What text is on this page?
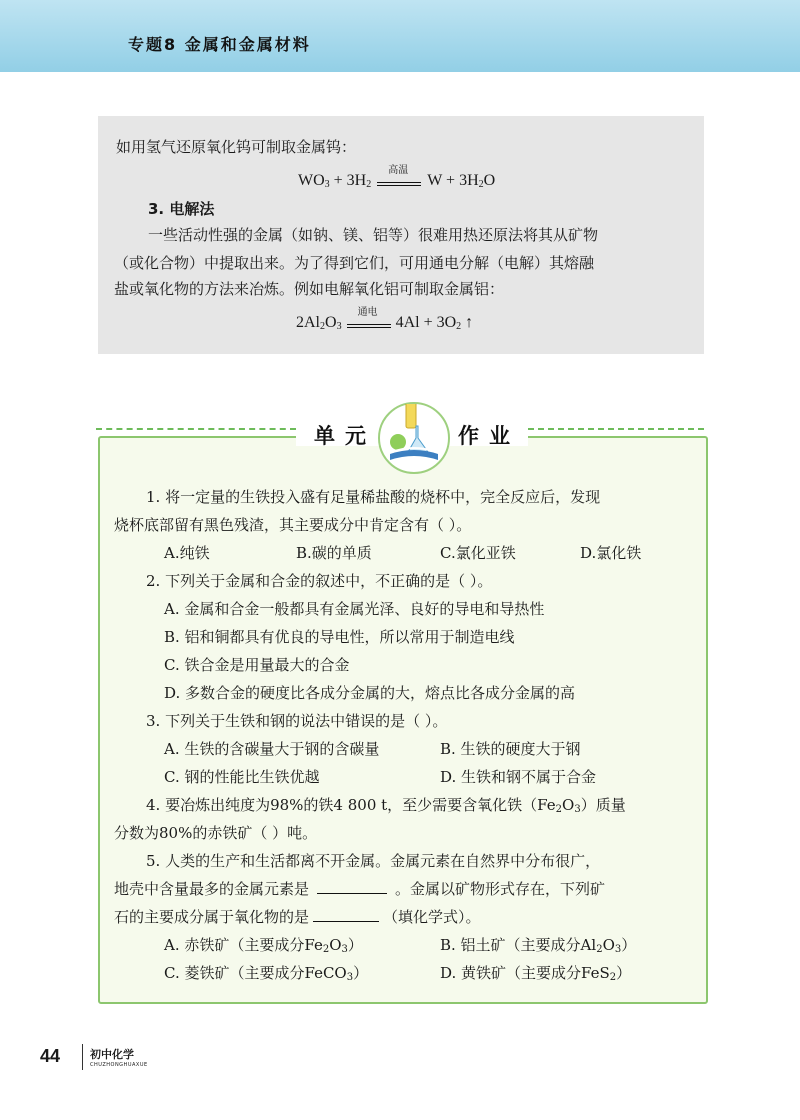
专题8 金属和金属材料
如用氢气还原氧化钨可制取金属钨：
$WO_3 + 3H_2$
高温
$W + 3H_2O$
3. 电解法
一些活动性强的金属（如钠、镁、铝等）很难用热还原法将其从矿物
（或化合物）中提取出来。为了得到它们，可用通电分解（电解）其熔融
盐或氧化物的方法来冶炼。例如电解氧化铝可制取金属铝：
$2Al_2O_3$
通电
$4Al + 3O_2$ ↑
单元	作业
1. 将一定量的生铁投入盛有足量稀盐酸的烧杯中，完全反应后，发现
烧杯底部留有黑色残渣，其主要成分中肯定含有（ ）。
A.纯铁	B.碳的单质	C.氯化亚铁	D.氯化铁
2. 下列关于金属和合金的叙述中，不正确的是（ ）。
A. 金属和合金一般都具有金属光泽、良好的导电和导热性
B. 铝和铜都具有优良的导电性，所以常用于制造电线
C. 铁合金是用量最大的合金
D. 多数合金的硬度比各成分金属的大，熔点比各成分金属的高
3. 下列关于生铁和钢的说法中错误的是（ ）。
A. 生铁的含碳量大于钢的含碳量	B. 生铁的硬度大于钢
C. 钢的性能比生铁优越	D. 生铁和钢不属于合金
4. 要冶炼出纯度为98%的铁4 800 t，至少需要含氧化铁$(Fe_2O_3)$质量
分数为80%的赤铁矿（ ）吨。
5. 人类的生产和生活都离不开金属。金属元素在自然界中分布很广，
地壳中含量最多的金属元素是	。金属以矿物形式存在，下列矿
石的主要成分属于氧化物的是	（填化学式）。
A. 赤铁矿（主要成分$Fe_2O_3$）	B. 铝土矿（主要成分$Al_2O_3$）
C. 菱铁矿（主要成分FeCO$_3$）	D. 黄铁矿（主要成分FeS$_2$）
44	初中化学
CHUZHONGHUAXUE
